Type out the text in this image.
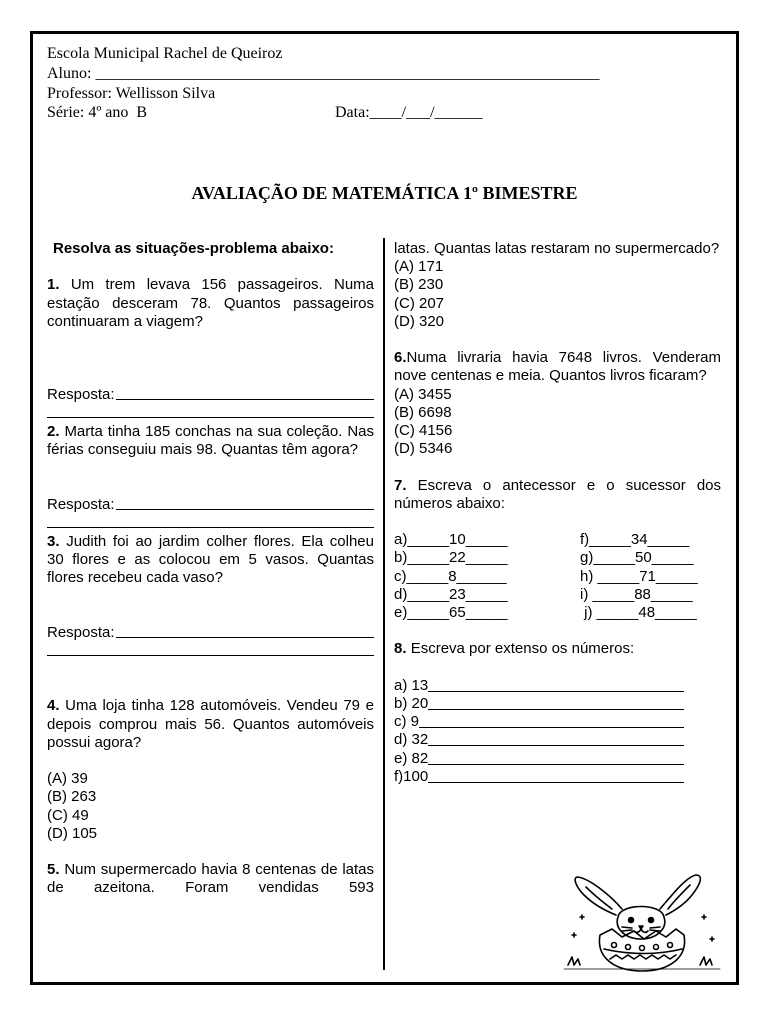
Escola Municipal Rachel de Queiroz
Aluno: _______________________________________________________________
Professor: Wellisson Silva
Série: 4º ano  B	Data:____/___/______
AVALIAÇÃO DE MATEMÁTICA 1º BIMESTRE

Resolva as situações-problema abaixo:

1. Um trem levava 156 passageiros. Numa estação desceram 78. Quantos passageiros continuaram a viagem?

Resposta:

2. Marta tinha 185 conchas na sua coleção. Nas férias conseguiu mais 98. Quantas têm agora?

Resposta:

3. Judith foi ao jardim colher flores. Ela colheu 30 flores e as colocou em 5 vasos. Quantas flores recebeu cada vaso?

Resposta:

4. Uma loja tinha 128 automóveis. Vendeu 79 e depois comprou mais 56. Quantos automóveis possui agora?

(A) 39

(B) 263

(C) 49

(D) 105

5. Num supermercado havia 8 centenas de latas de azeitona. Foram vendidas 593

latas. Quantas latas restaram no supermercado?

(A) 171

(B) 230

(C) 207

(D) 320

6.Numa livraria havia 7648 livros. Venderam nove centenas e meia. Quantos livros ficaram?

(A) 3455

(B) 6698

(C) 4156

(D) 5346

7. Escreva o antecessor e o sucessor dos números abaixo:

a)_____10_____	f)_____34_____
b)_____22_____	g)_____50_____
c)_____8______	h) _____71_____
d)_____23_____	i) _____88_____
e)_____65_____	j) _____48_____

8. Escreva por extenso os números:

a) 13
b) 20
c) 9
d) 32
e) 82
f)100
